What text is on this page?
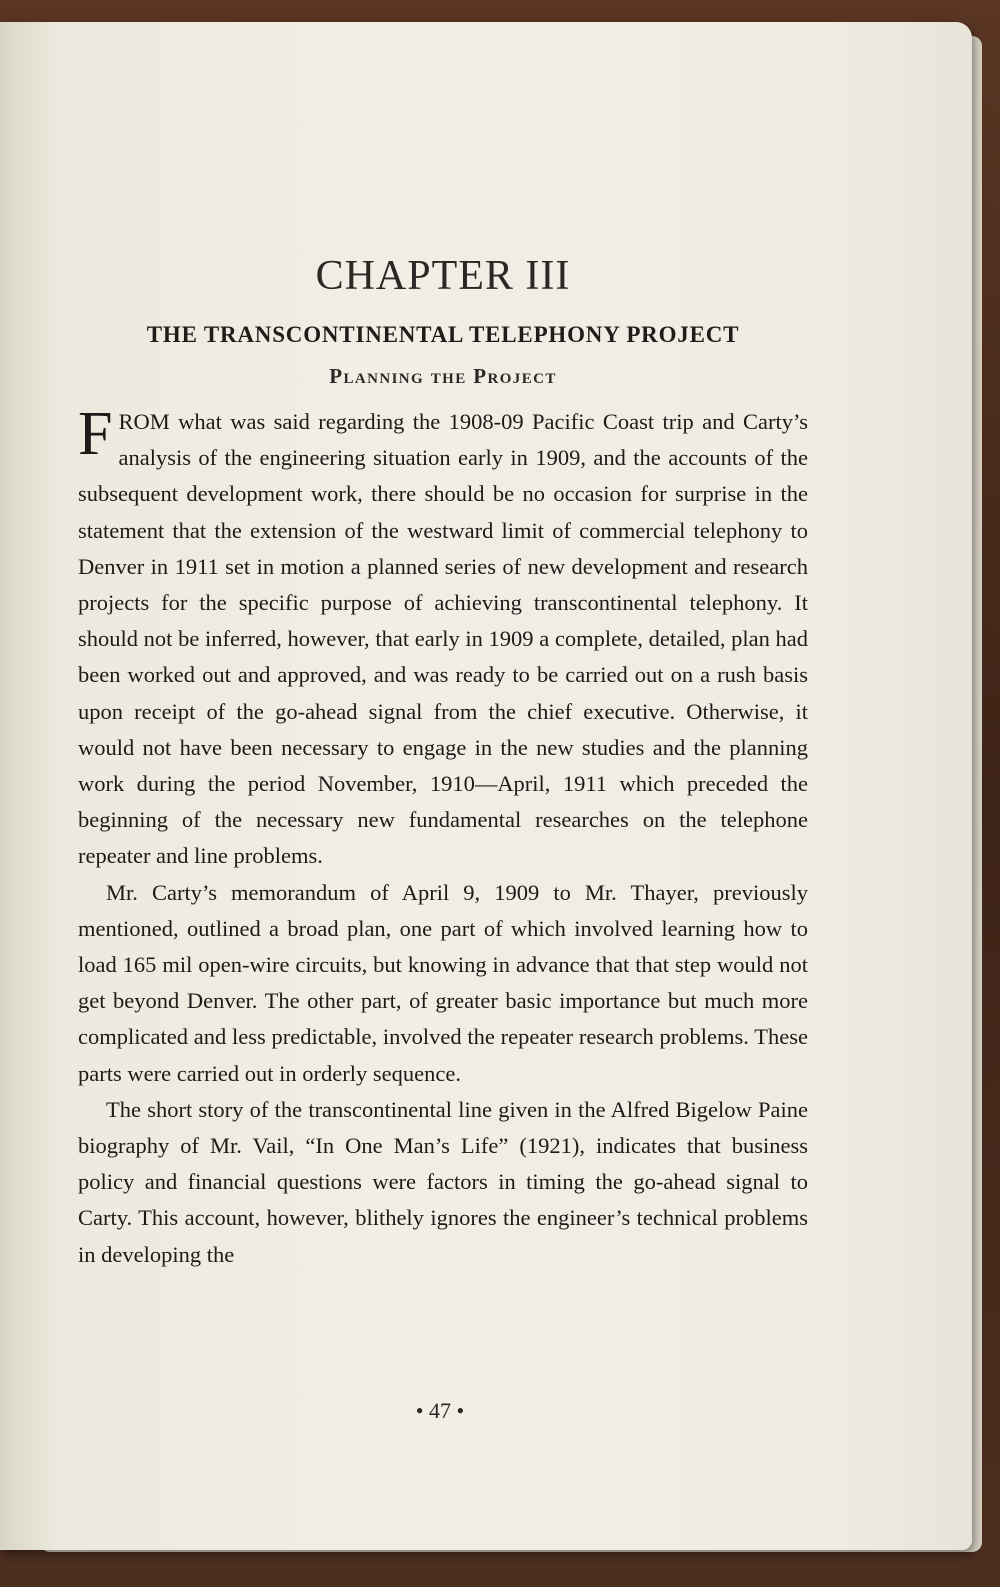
CHAPTER III
THE TRANSCONTINENTAL TELEPHONY PROJECT
Planning the Project

FROM what was said regarding the 1908-09 Pacific Coast trip and Carty’s analysis of the engineering situation early in 1909, and the accounts of the subsequent development work, there should be no occasion for surprise in the statement that the extension of the westward limit of commercial telephony to Denver in 1911 set in motion a planned series of new development and research projects for the specific purpose of achieving transcontinental telephony. It should not be inferred, however, that early in 1909 a complete, detailed, plan had been worked out and approved, and was ready to be carried out on a rush basis upon receipt of the go-ahead signal from the chief executive. Otherwise, it would not have been necessary to engage in the new studies and the planning work during the period November, 1910—April, 1911 which preceded the beginning of the necessary new fundamental researches on the telephone repeater and line problems.

Mr. Carty’s memorandum of April 9, 1909 to Mr. Thayer, previously mentioned, outlined a broad plan, one part of which involved learning how to load 165 mil open-wire circuits, but knowing in advance that that step would not get beyond Denver. The other part, of greater basic importance but much more complicated and less predictable, involved the repeater research problems. These parts were carried out in orderly sequence.

The short story of the transcontinental line given in the Alfred Bigelow Paine biography of Mr. Vail, “In One Man’s Life” (1921), indicates that business policy and financial questions were factors in timing the go-ahead signal to Carty. This account, however, blithely ignores the engineer’s technical problems in developing the

• 47 •
